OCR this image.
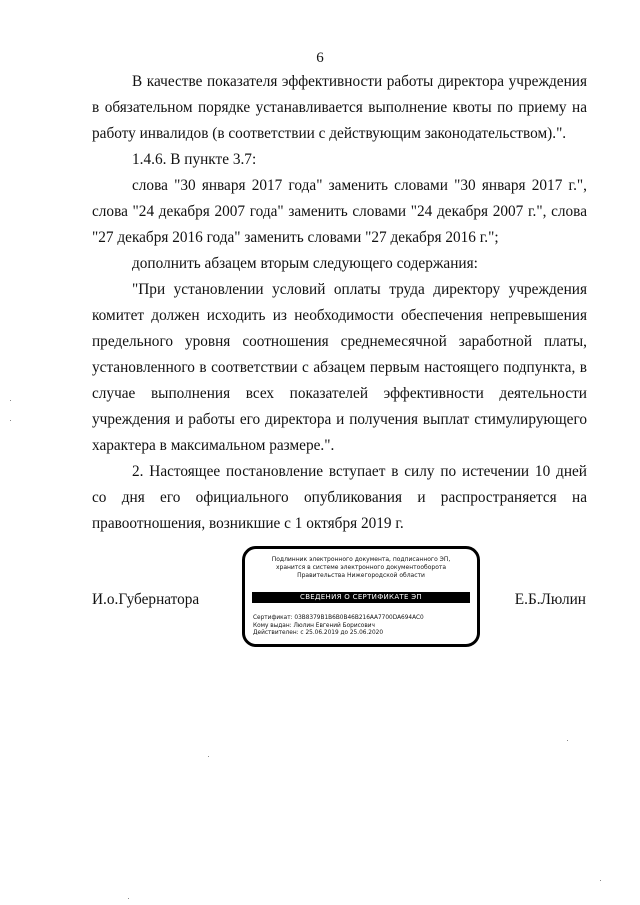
6

В качестве показателя эффективности работы директора учреждения в обязательном порядке устанавливается выполнение квоты по приему на работу инвалидов (в соответствии с действующим законодательством).".

1.4.6. В пункте 3.7:

слова "30 января 2017 года" заменить словами "30 января 2017 г.", слова "24 декабря 2007 года" заменить словами "24 декабря 2007 г.", слова "27 декабря 2016 года" заменить словами "27 декабря 2016 г.";

дополнить абзацем вторым следующего содержания:

"При установлении условий оплаты труда директору учреждения комитет должен исходить из необходимости обеспечения непревышения предельного уровня соотношения среднемесячной заработной платы, установленного в соответствии с абзацем первым настоящего подпункта, в случае выполнения всех показателей эффективности деятельности учреждения и работы его директора и получения выплат стимулирующего характера в максимальном размере.".

2. Настоящее постановление вступает в силу по истечении 10 дней со дня его официального опубликования и распространяется на правоотношения, возникшие с 1 октября 2019 г.

И.о.Губернатора
Подлинник электронного документа, подписанного ЭП,
хранится в системе электронного документооборота
Правительства Нижегородской области
СВЕДЕНИЯ О СЕРТИФИКАТЕ ЭП
Сертификат: 03B8379B1B6B0B46B216AA7700DA694AC0
Кому выдан: Люлин Евгений Борисович
Действителен: с 25.06.2019 до 25.06.2020
Е.Б.Люлин
